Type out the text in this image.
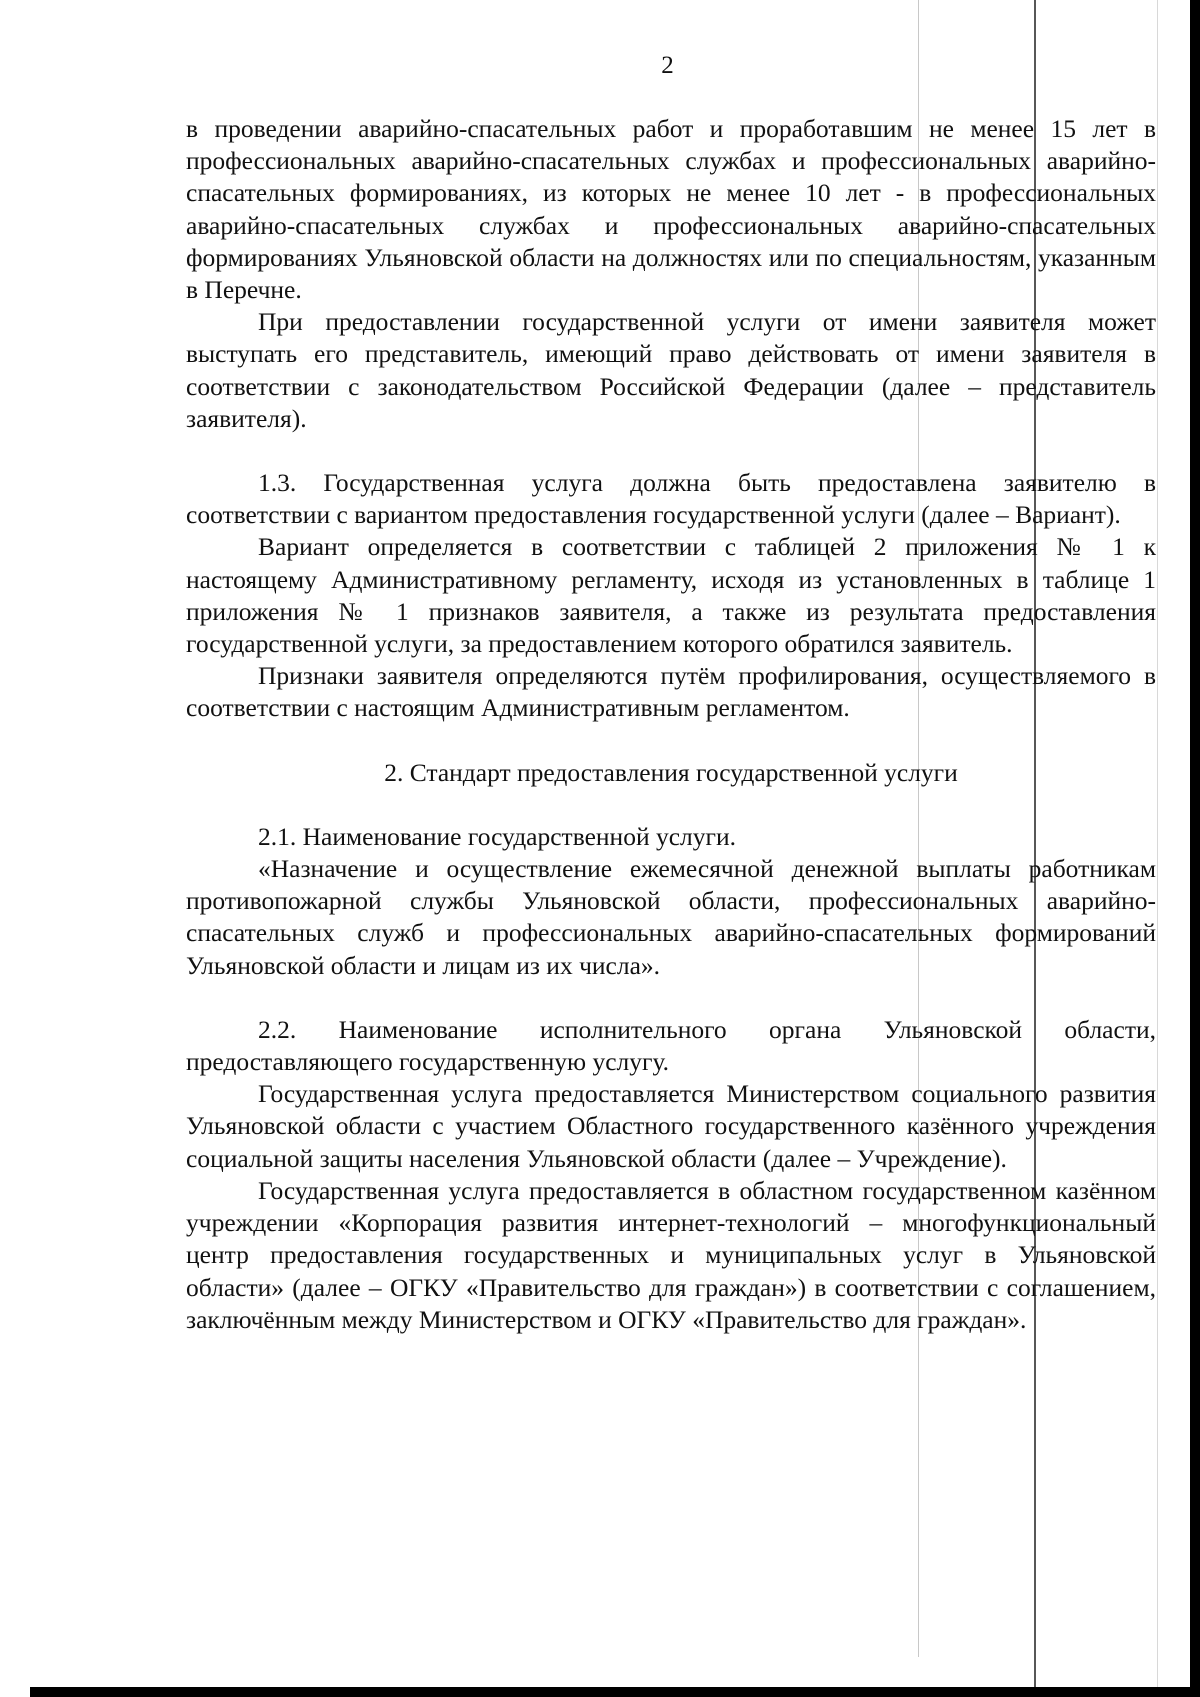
2

в проведении аварийно-спасательных работ и проработавшим не менее 15 лет в профессиональных аварийно-спасательных службах и профессиональных аварийно-спасательных формированиях, из которых не менее 10 лет - в профессиональных аварийно-спасательных службах и профессиональных аварийно-спасательных формированиях Ульяновской области на должностях или по специальностям, указанным в Перечне.

При предоставлении государственной услуги от имени заявителя может выступать его представитель, имеющий право действовать от имени заявителя в соответствии с законодательством Российской Федерации (далее – представитель заявителя).

1.3. Государственная услуга должна быть предоставлена заявителю в соответствии с вариантом предоставления государственной услуги (далее – Вариант).

Вариант определяется в соответствии с таблицей 2 приложения № 1 к настоящему Административному регламенту, исходя из установленных в таблице 1 приложения № 1 признаков заявителя, а также из результата предоставления государственной услуги, за предоставлением которого обратился заявитель.

Признаки заявителя определяются путём профилирования, осуществляемого в соответствии с настоящим Административным регламентом.

2. Стандарт предоставления государственной услуги

2.1. Наименование государственной услуги.

«Назначение и осуществление ежемесячной денежной выплаты работникам противопожарной службы Ульяновской области, профессиональных аварийно-спасательных служб и профессиональных аварийно-спасательных формирований Ульяновской области и лицам из их числа».

2.2. Наименование исполнительного органа Ульяновской области, предоставляющего государственную услугу.

Государственная услуга предоставляется Министерством социального развития Ульяновской области с участием Областного государственного казённого учреждения социальной защиты населения Ульяновской области (далее – Учреждение).

Государственная услуга предоставляется в областном государственном казённом учреждении «Корпорация развития интернет-технологий – многофункциональный центр предоставления государственных и муниципальных услуг в Ульяновской области» (далее – ОГКУ «Правительство для граждан») в соответствии с соглашением, заключённым между Министерством и ОГКУ «Правительство для граждан».
